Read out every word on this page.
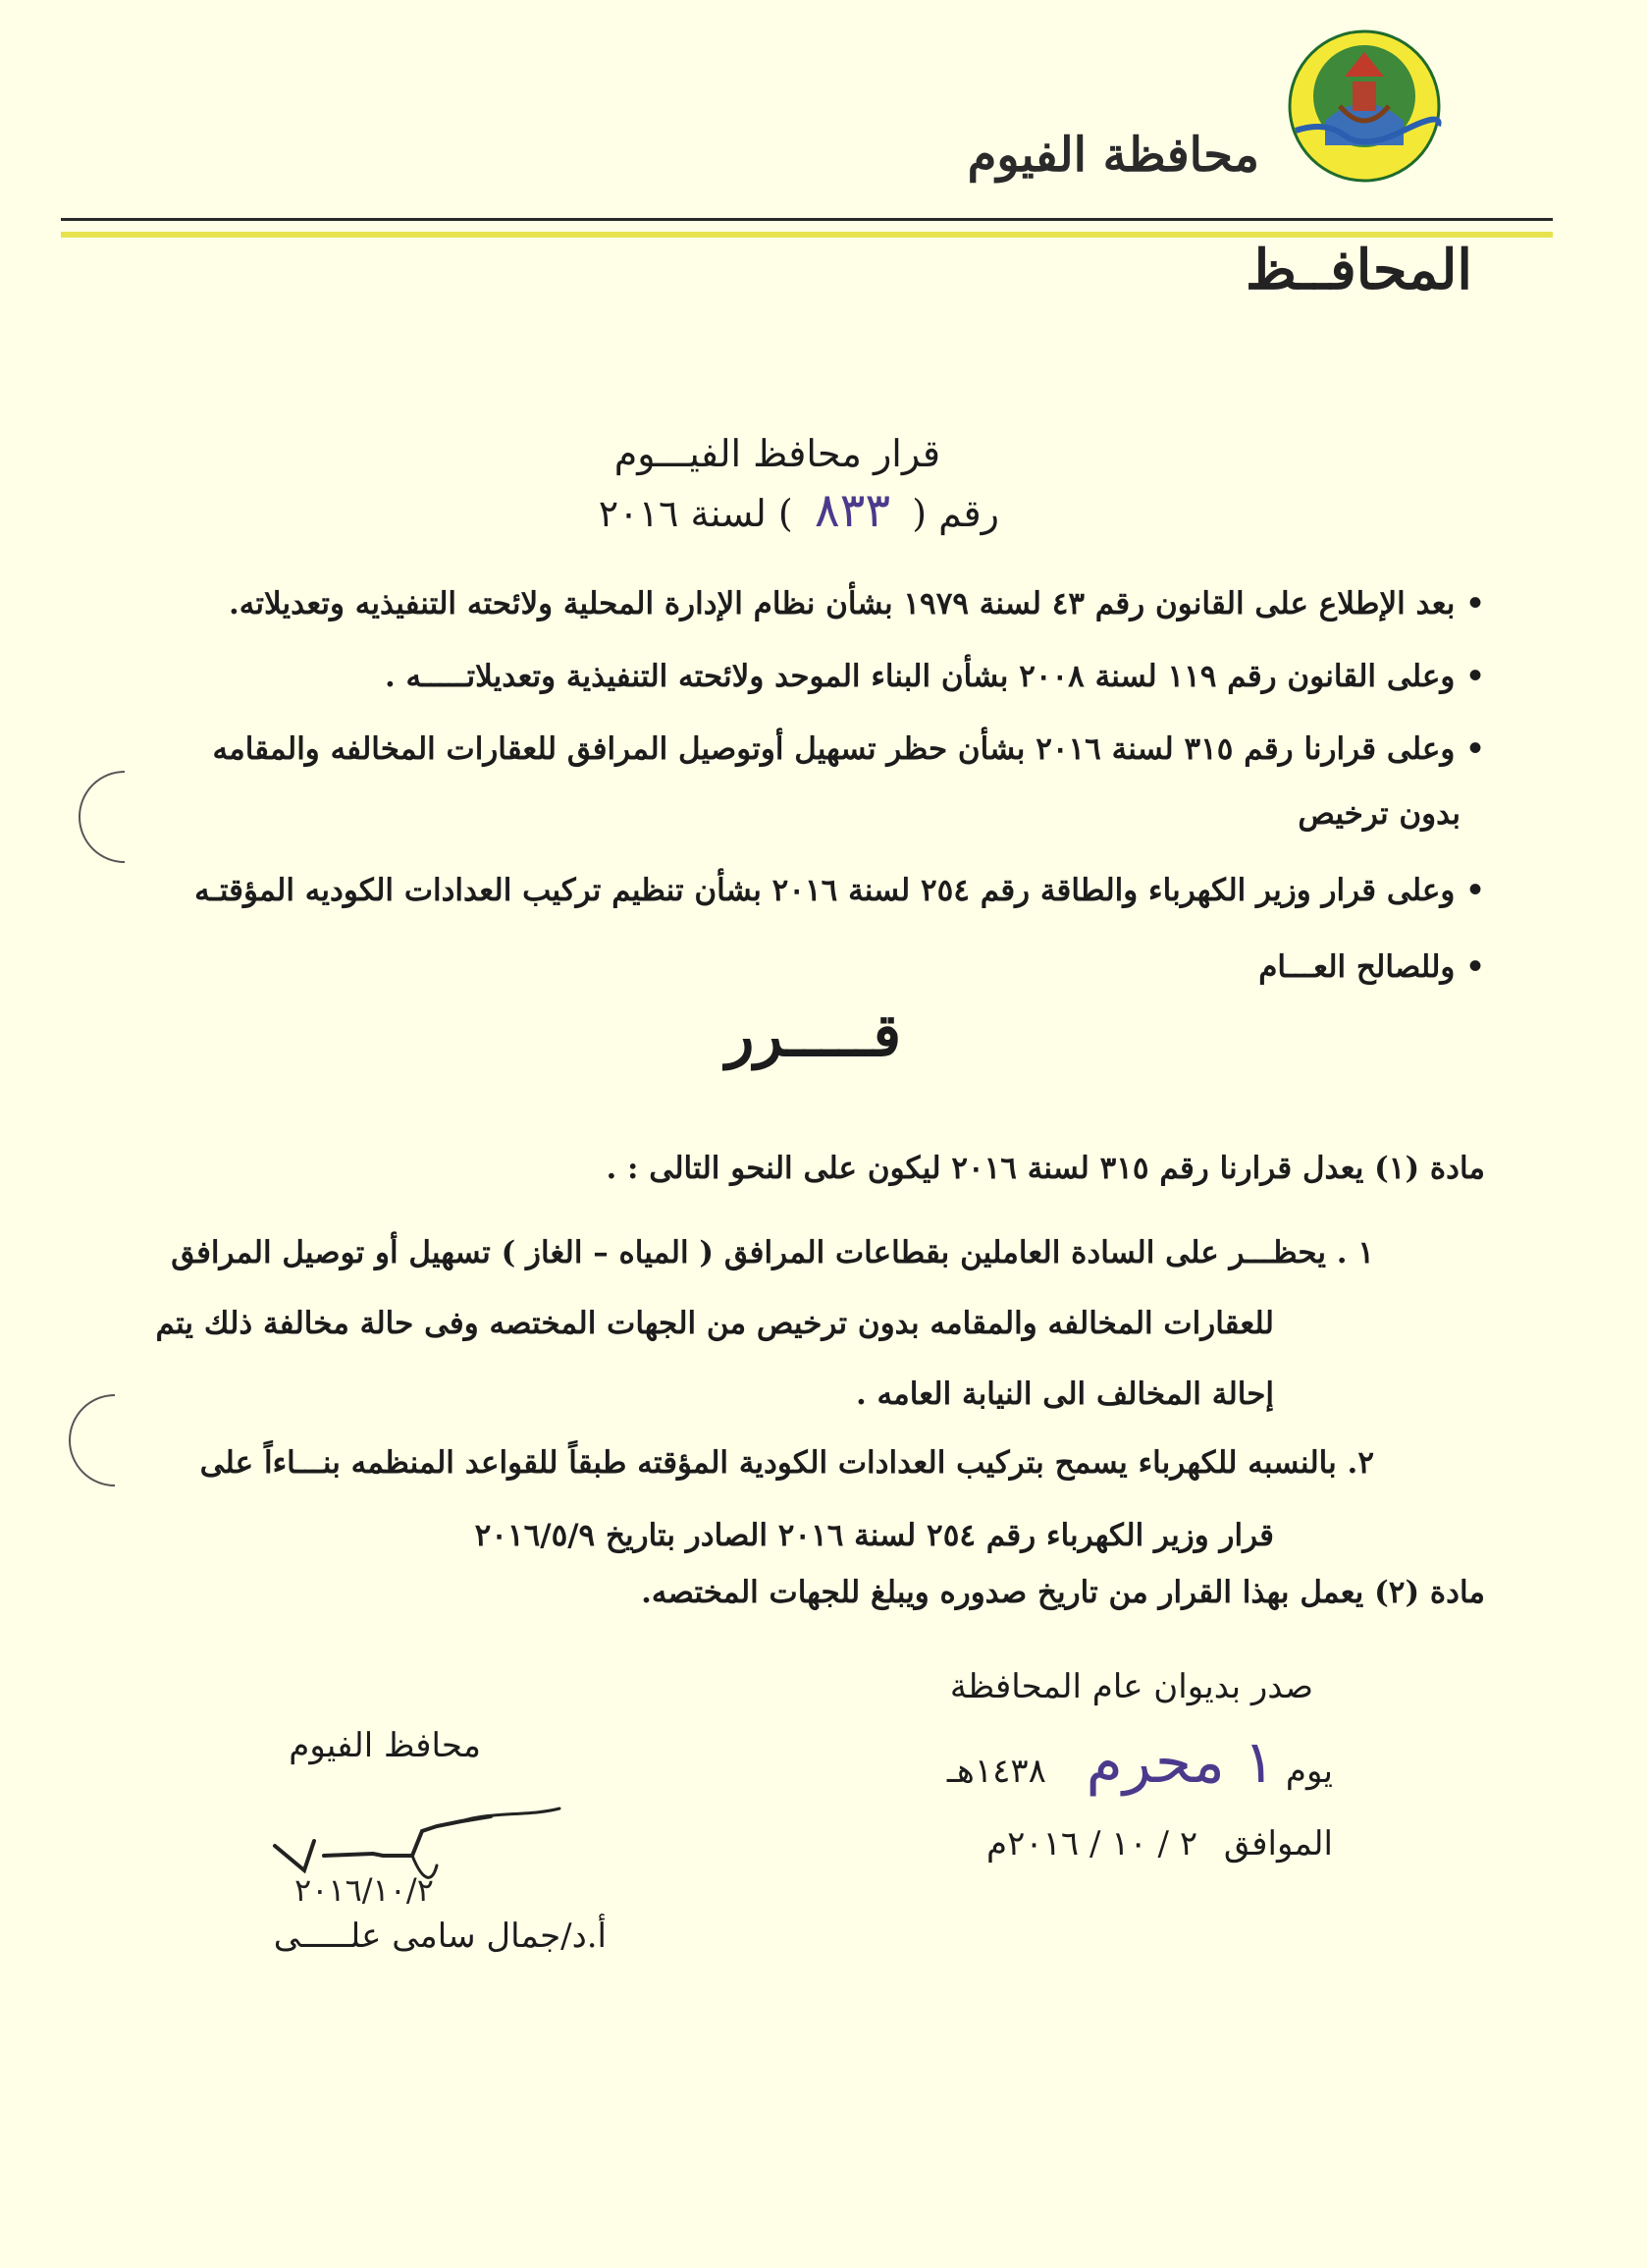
محافظة الفيوم
المحافــظ
قرار محافظ الفيـــوم
رقم ( ٨٣٣ ) لسنة ٢٠١٦
• بعد الإطلاع على القانون رقم ٤٣ لسنة ١٩٧٩ بشأن نظام الإدارة المحلية ولائحته التنفيذيه وتعديلاته.
• وعلى القانون رقم ١١٩ لسنة ٢٠٠٨ بشأن البناء الموحد ولائحته التنفيذية وتعديلاتـــــه .
• وعلى قرارنا رقم ٣١٥ لسنة ٢٠١٦ بشأن حظر تسهيل أوتوصيل المرافق للعقارات المخالفه والمقامه
بدون ترخيص
• وعلى قرار وزير الكهرباء والطاقة رقم ٢٥٤ لسنة ٢٠١٦ بشأن تنظيم تركيب العدادات الكوديه المؤقتـه
• وللصالح العـــام
قـــــرر
مادة (١) يعدل قرارنا رقم ٣١٥ لسنة ٢٠١٦ ليكون على النحو التالى : .
١ . يحظـــر على السادة العاملين بقطاعات المرافق ( المياه – الغاز ) تسهيل أو توصيل المرافق
للعقارات المخالفه والمقامه بدون ترخيص من الجهات المختصه وفى حالة مخالفة ذلك يتم
إحالة المخالف الى النيابة العامه .
٢. بالنسبه للكهرباء يسمح بتركيب العدادات الكودية المؤقته طبقاً للقواعد المنظمه بنـــاءاً على
قرار وزير الكهرباء رقم ٢٥٤ لسنة ٢٠١٦ الصادر بتاريخ ٢٠١٦/٥/٩
مادة (٢) يعمل بهذا القرار من تاريخ صدوره ويبلغ للجهات المختصه.
صدر بديوان عام المحافظة
يوم ١ محرم ١٤٣٨هـ
الموافق ٢ / ١٠ / ٢٠١٦م
محافظ الفيوم
٢٠١٦/١٠/٢
أ.د/جمال سامى علـــــى
